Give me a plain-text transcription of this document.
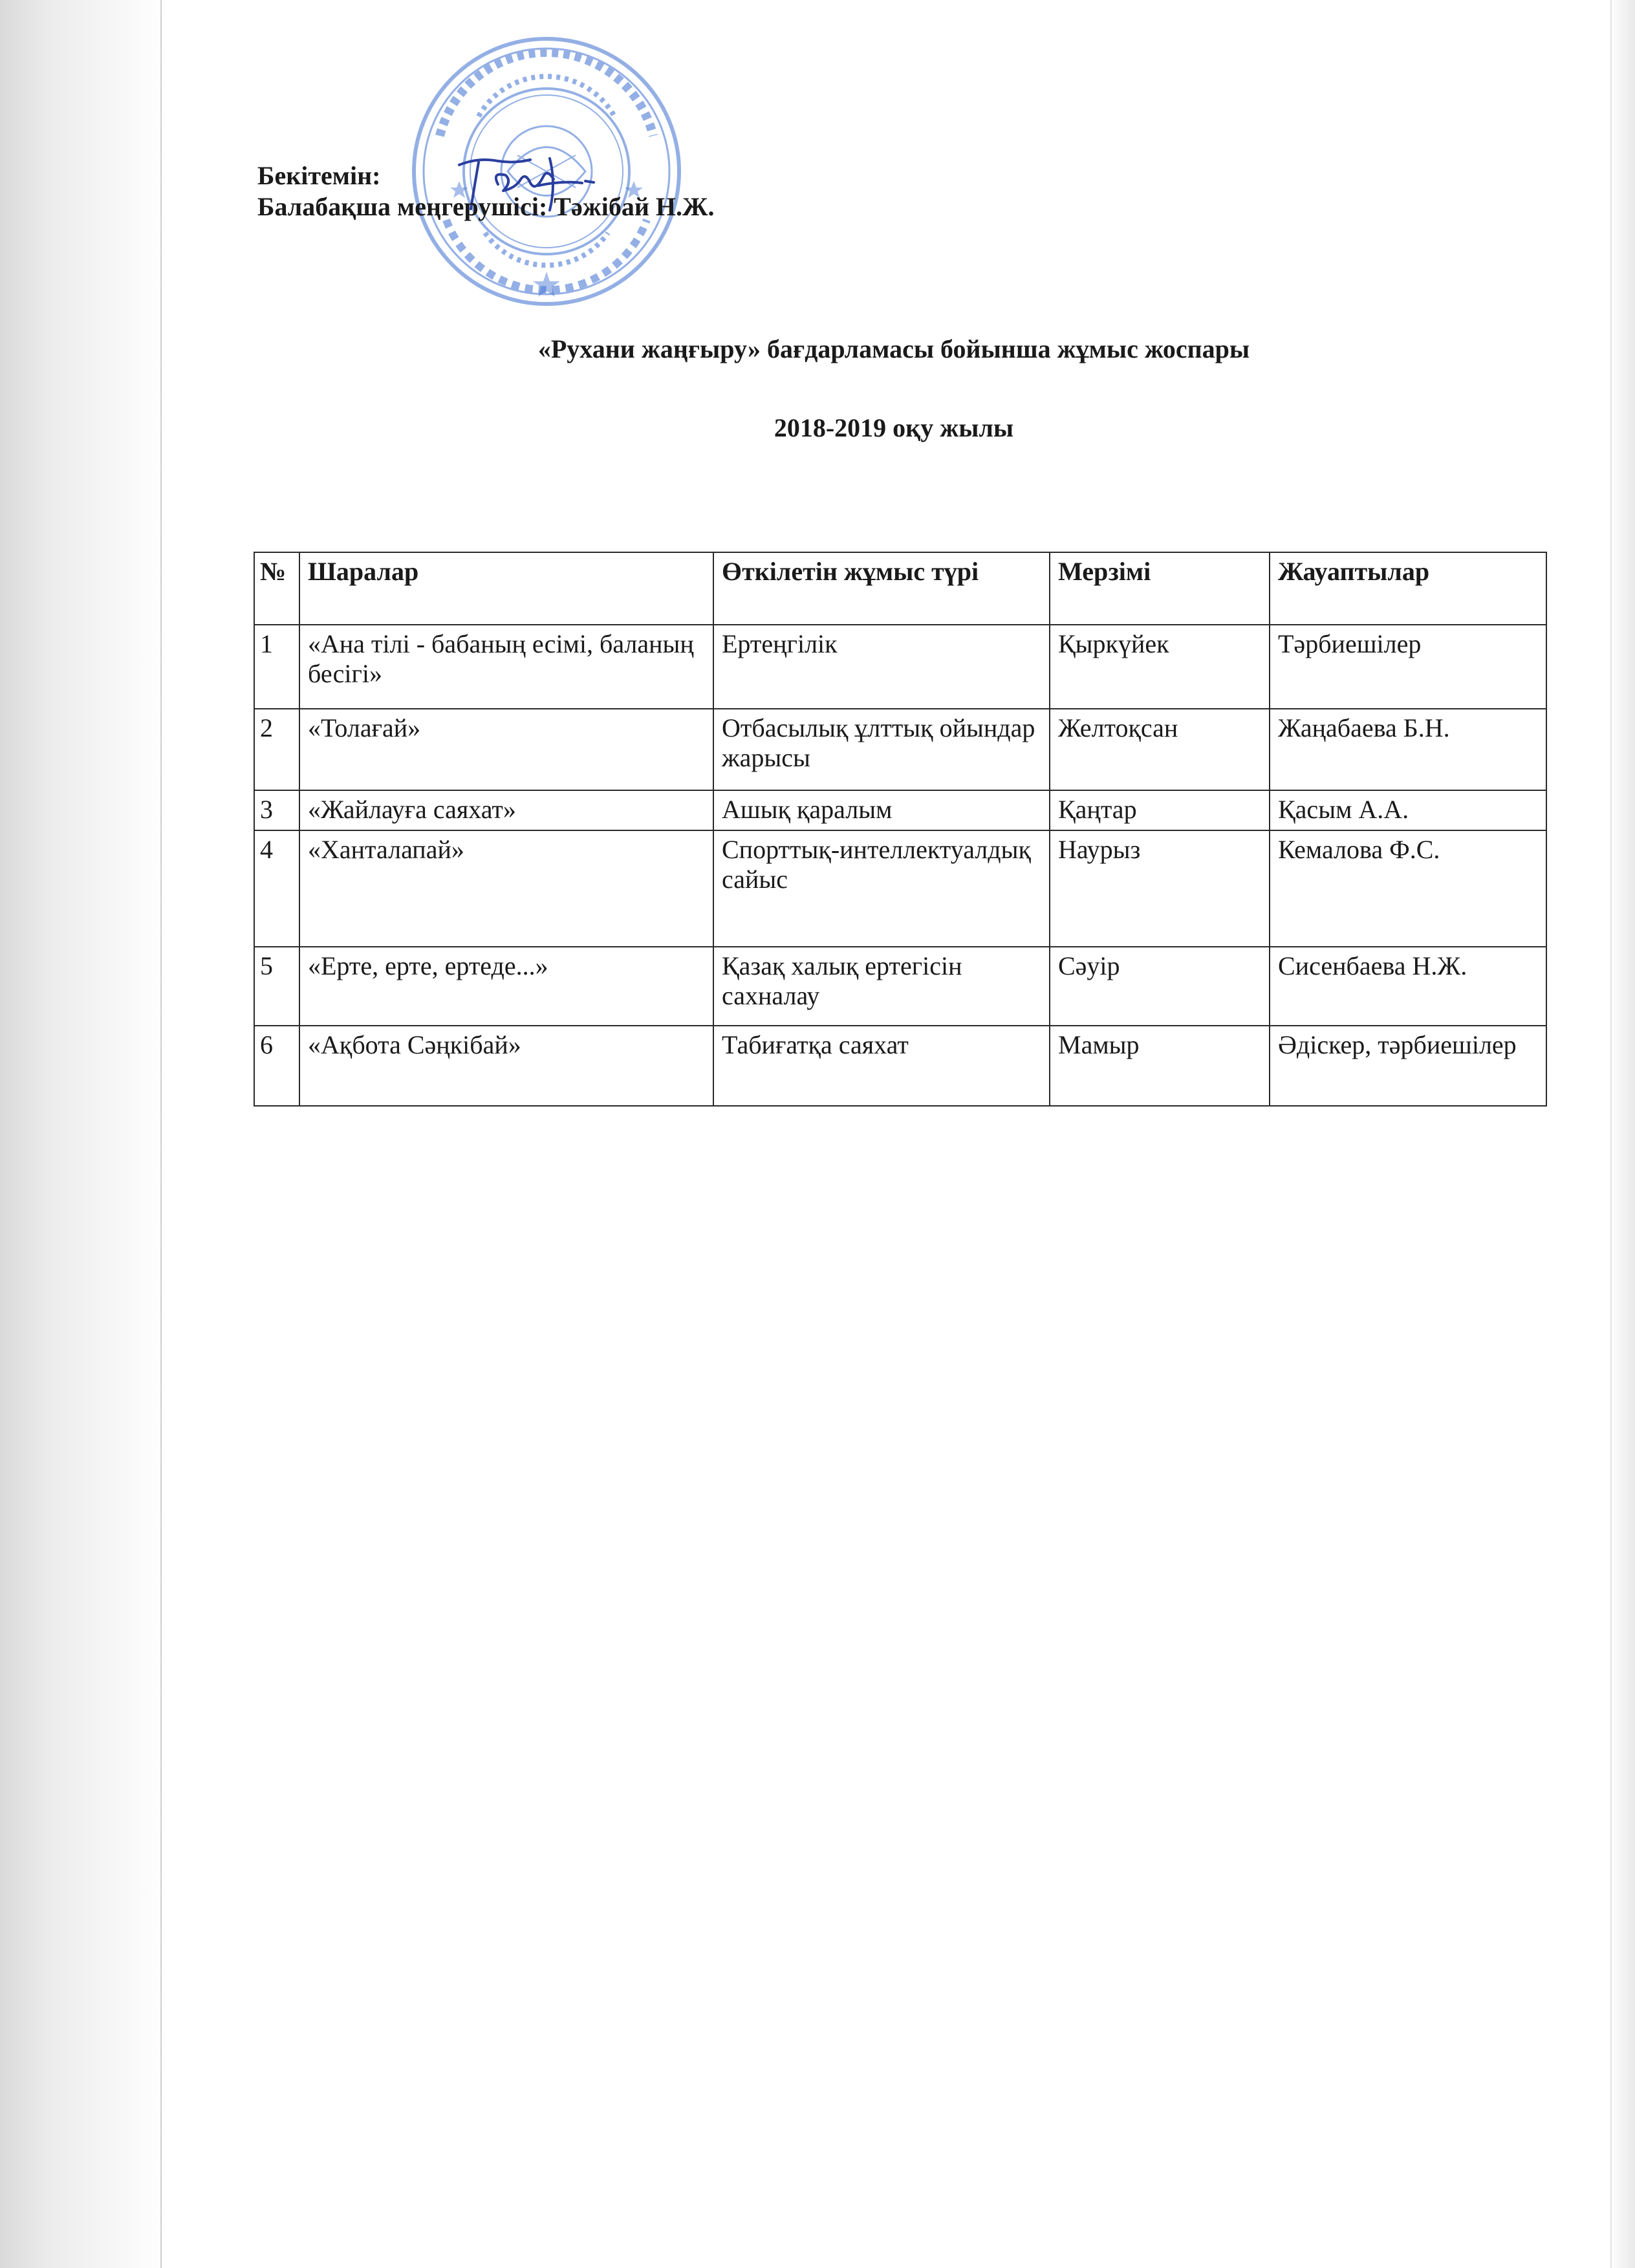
Бекітемін:
Балабақша меңгерушісі: Тәжібай Н.Ж.
«Рухани жаңғыру» бағдарламасы бойынша жұмыс жоспары
2018-2019 оқу жылы
№	Шаралар	Өткілетін жұмыс түрі	Мерзімі	Жауаптылар
1	«Ана тілі - бабаның есімі, баланың бесігі»	Ертеңгілік	Қыркүйек	Тәрбиешілер
2	«Толағай»	Отбасылық ұлттық ойындар жарысы	Желтоқсан	Жаңабаева Б.Н.
3	«Жайлауға саяхат»	Ашық қаралым	Қаңтар	Қасым А.А.
4	«Ханталапай»	Спорттық-интеллектуалдық сайыс	Наурыз	Кемалова Ф.С.
5	«Ерте, ерте, ертеде...»	Қазақ халық ертегісін сахналау	Сәуір	Сисенбаева Н.Ж.
6	«Ақбота Сәңкібай»	Табиғатқа саяхат	Мамыр	Әдіскер, тәрбиешілер
